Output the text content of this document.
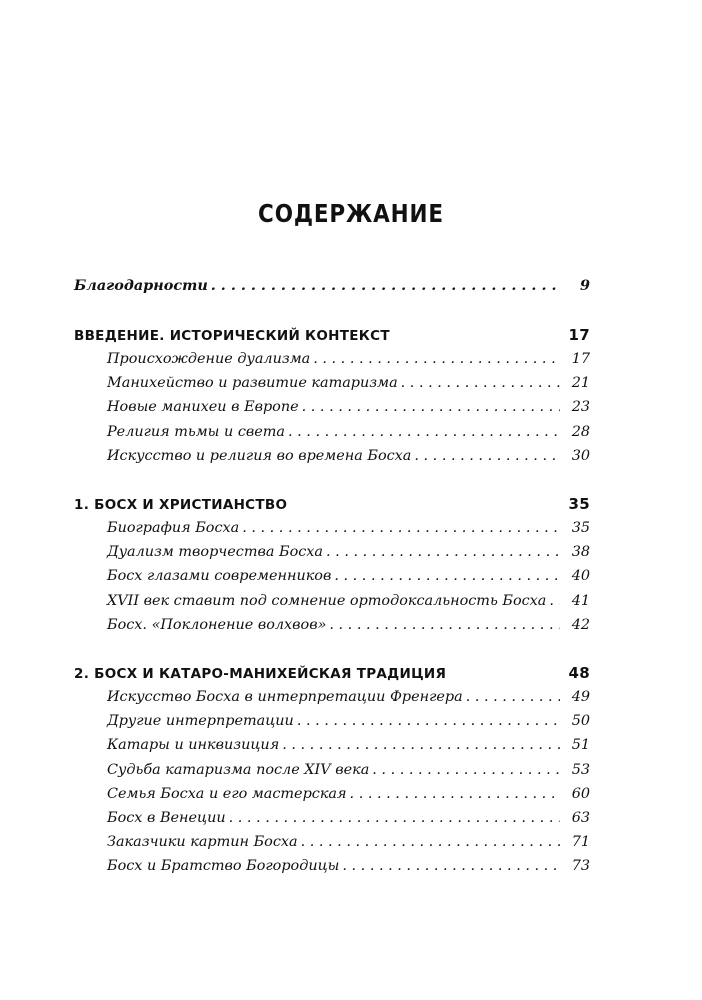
СОДЕРЖАНИЕ
Благодарности . . .	9
ВВЕДЕНИЕ. ИСТОРИЧЕСКИЙ КОНТЕКСТ	17
Происхождение дуализма . . .	17
Манихейство и развитие катаризма . . .	21
Новые манихеи в Европе . . .	23
Религия тьмы и света . . .	28
Искусство и религия во времена Босха . . .	30
1. БОСХ И ХРИСТИАНСТВО	35
Биография Босха . . .	35
Дуализм творчества Босха . . .	38
Босх глазами современников . . .	40
XVII век ставит под сомнение ортодоксальность Босха . . .	41
Босх. «Поклонение волхвов» . . .	42
2. БОСХ И КАТАРО-МАНИХЕЙСКАЯ ТРАДИЦИЯ	48
Искусство Босха в интерпретации Френгера . . .	49
Другие интерпретации . . .	50
Катары и инквизиция . . .	51
Судьба катаризма после XIV века . . .	53
Семья Босха и его мастерская . . .	60
Босх в Венеции . . .	63
Заказчики картин Босха . . .	71
Босх и Братство Богородицы . . .	73
